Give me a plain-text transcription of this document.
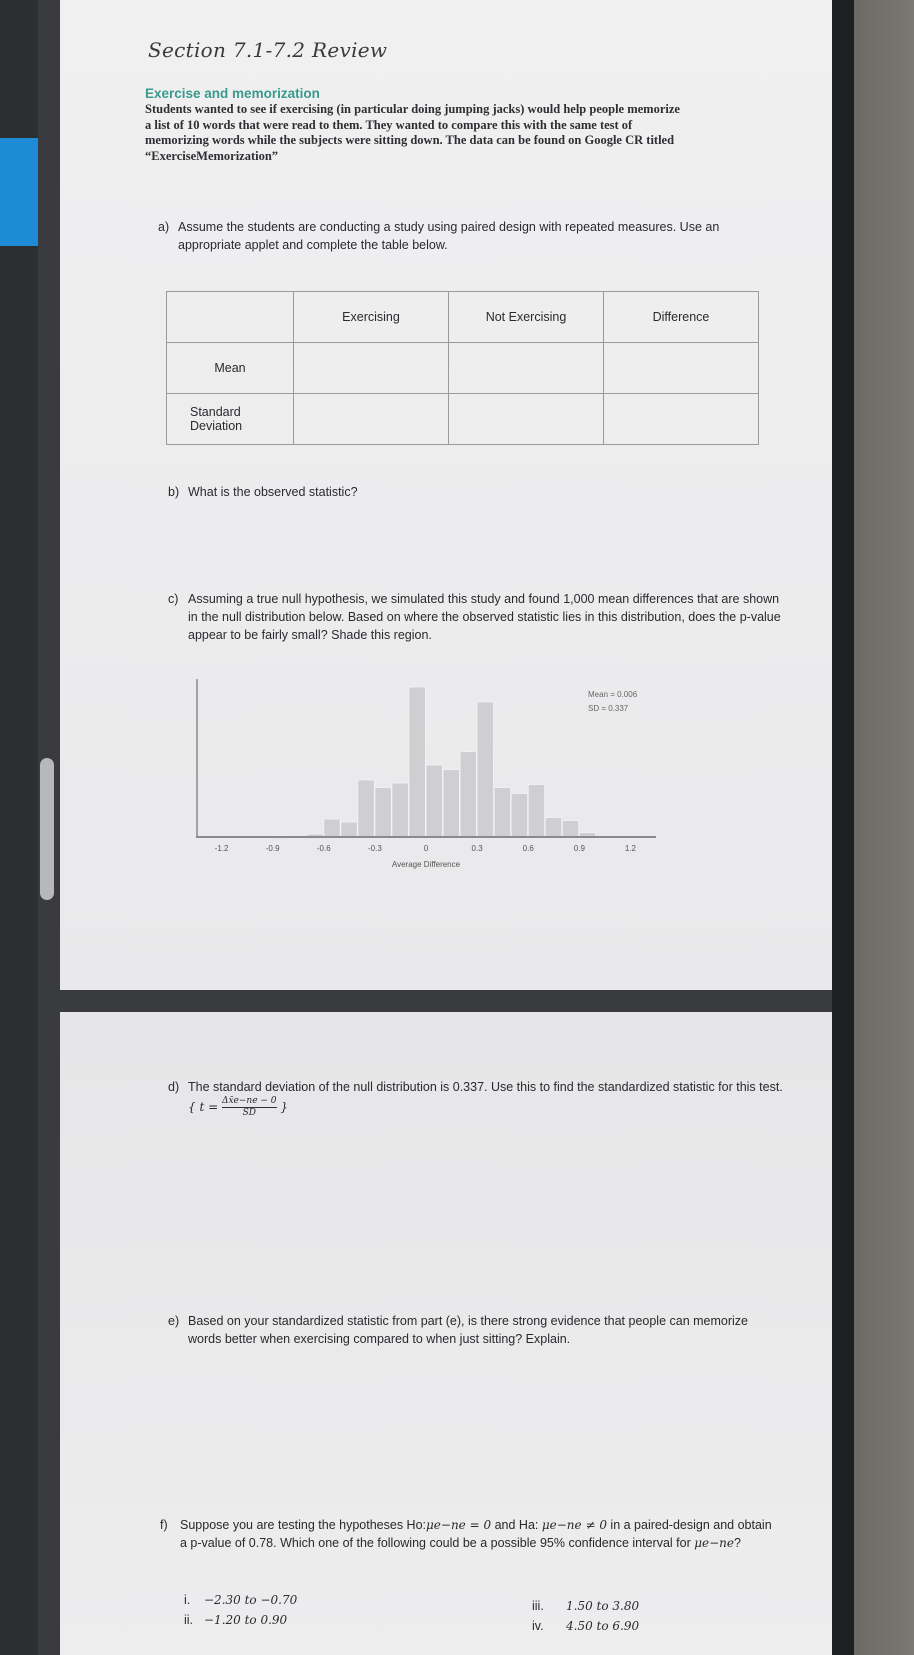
Section 7.1-7.2 Review
Exercise and memorization
Students wanted to see if exercising (in particular doing jumping jacks) would help people memorize a list of 10 words that were read to them. They wanted to compare this with the same test of memorizing words while the subjects were sitting down. The data can be found on Google CR titled “ExerciseMemorization”
a) Assume the students are conducting a study using paired design with repeated measures. Use an appropriate applet and complete the table below.
	Exercising	Not Exercising	Difference
Mean			
Standard Deviation			
b) What is the observed statistic?
c) Assuming a true null hypothesis, we simulated this study and found 1,000 mean differences that are shown in the null distribution below. Based on where the observed statistic lies in this distribution, does the p-value appear to be fairly small? Shade this region.
-1.2	-0.9	-0.6	-0.3	0	0.3	0.6	0.9	1.2
Average Difference
Mean = 0.006
SD = 0.337
d) The standard deviation of the null distribution is 0.337. Use this to find the standardized statistic for this test. { $t = \frac{\Delta x̄e-ne - 0}{SD}$ }
e) Based on your standardized statistic from part (e), is there strong evidence that people can memorize words better when exercising compared to when just sitting? Explain.
f) Suppose you are testing the hypotheses Ho:μe−ne = 0 and Ha: μe−ne ≠ 0 in a paired-design and obtain a p-value of 0.78. Which one of the following could be a possible 95% confidence interval for μe−ne?
i. −2.30 to −0.70
ii. −1.20 to 0.90
iii. 1.50 to 3.80
iv. 4.50 to 6.90
